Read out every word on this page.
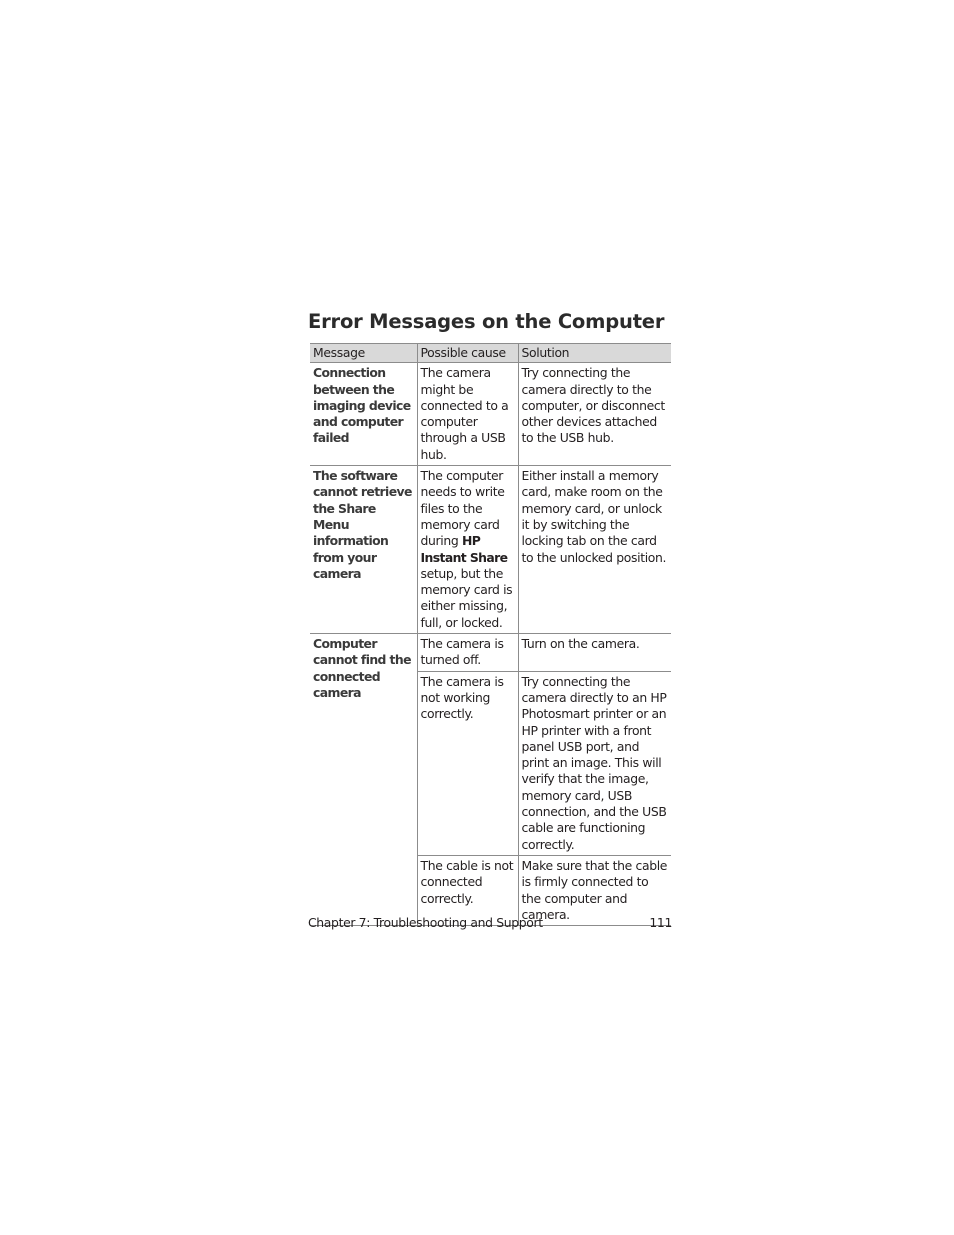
Error Messages on the Computer
Message	Possible cause	Solution
Connection between the imaging device and computer failed	The camera might be connected to a computer through a USB hub.	Try connecting the camera directly to the computer, or disconnect other devices attached to the USB hub.
The software cannot retrieve the Share Menu information from your camera	The computer needs to write files to the memory card during HP Instant Share setup, but the memory card is either missing, full, or locked.	Either install a memory card, make room on the memory card, or unlock it by switching the locking tab on the card to the unlocked position.
Computer cannot find the connected camera	The camera is turned off.	Turn on the camera.
	The camera is not working correctly.	Try connecting the camera directly to an HP Photosmart printer or an HP printer with a front panel USB port, and print an image. This will verify that the image, memory card, USB connection, and the USB cable are functioning correctly.
	The cable is not connected correctly.	Make sure that the cable is firmly connected to the computer and camera.
Chapter 7: Troubleshooting and Support	111
